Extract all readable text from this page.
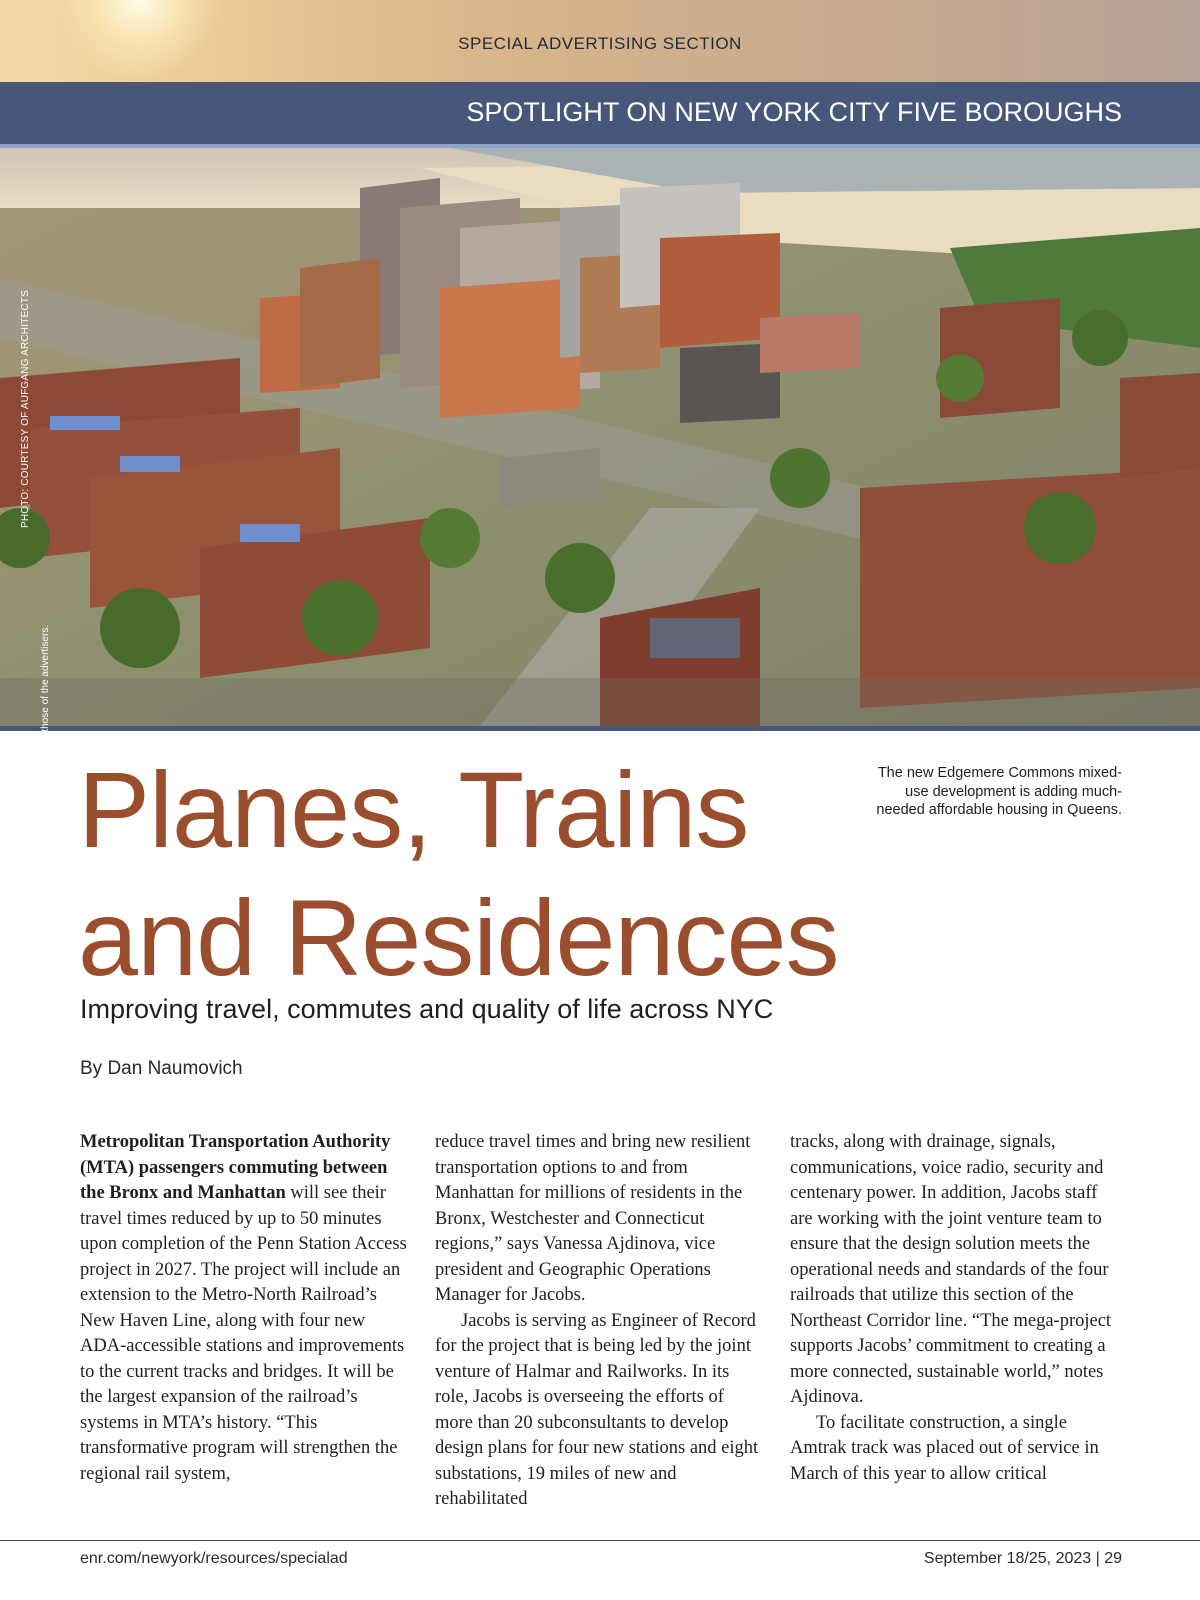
SPECIAL ADVERTISING SECTION
SPOTLIGHT ON NEW YORK CITY FIVE BOROUGHS
PHOTO: COURTESY OF AUFGANG ARCHITECTS
Opinions expressed are those of the advertisers. Planes, Trains
and Residences
The new Edgemere Commons mixed-use development is adding much-needed affordable housing in Queens.
Improving travel, commutes and quality of life across NYC
By Dan Naumovich

Metropolitan Transportation Authority (MTA) passengers commuting between the Bronx and Manhattan will see their travel times reduced by up to 50 minutes upon completion of the Penn Station Access project in 2027. The project will include an extension to the Metro-North Railroad’s New Haven Line, along with four new ADA-accessible stations and improvements to the current tracks and bridges. It will be the largest expansion of the railroad’s systems in MTA’s history. “This transformative program will strengthen the regional rail system,

reduce travel times and bring new resilient transportation options to and from Manhattan for millions of residents in the Bronx, Westchester and Connecticut regions,” says Vanessa Ajdinova, vice president and Geographic Operations Manager for Jacobs.

Jacobs is serving as Engineer of Record for the project that is being led by the joint venture of Halmar and Railworks. In its role, Jacobs is overseeing the efforts of more than 20 subconsultants to develop design plans for four new stations and eight substations, 19 miles of new and rehabilitated

tracks, along with drainage, signals, communications, voice radio, security and centenary power. In addition, Jacobs staff are working with the joint venture team to ensure that the design solution meets the operational needs and standards of the four railroads that utilize this section of the Northeast Corridor line. “The mega-project supports Jacobs’ commitment to creating a more connected, sustainable world,” notes Ajdinova.

To facilitate construction, a single Amtrak track was placed out of service in March of this year to allow critical

enr.com/newyork/resources/specialad	September 18/25, 2023 | 29
